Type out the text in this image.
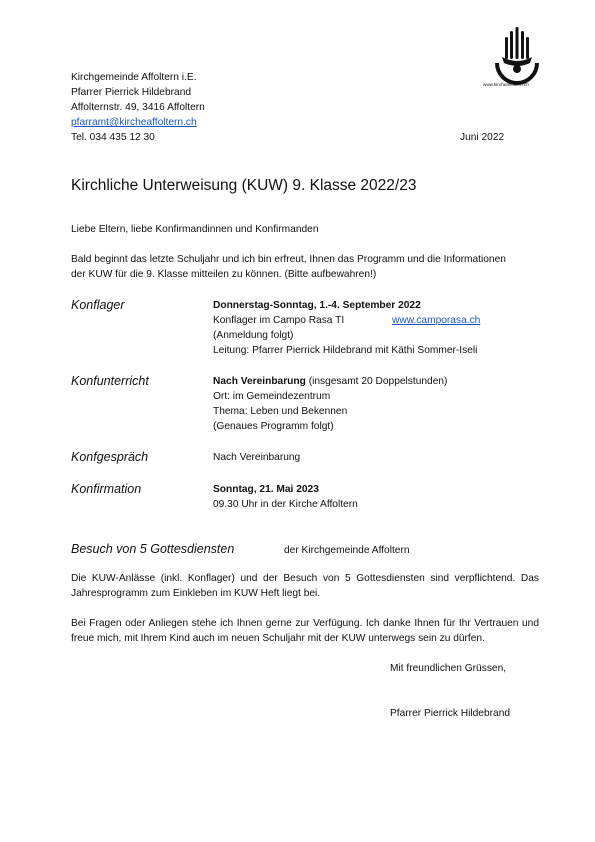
www.kircheaffoltern.ch
Kirchgemeinde Affoltern i.E.
Pfarrer Pierrick Hildebrand
Affolternstr. 49, 3416 Affoltern
pfarramt@kircheaffoltern.ch
Tel. 034 435 12 30	Juni 2022
Kirchliche Unterweisung (KUW) 9. Klasse 2022/23
Liebe Eltern, liebe Konfirmandinnen und Konfirmanden
Bald beginnt das letzte Schuljahr und ich bin erfreut, Ihnen das Programm und die Informationen
der KUW für die 9. Klasse mitteilen zu können. (Bitte aufbewahren!)
Konflager	Donnerstag-Sonntag, 1.-4. September 2022
Konflager im Campo Rasa TI	www.camporasa.ch
(Anmeldung folgt)
Leitung: Pfarrer Pierrick Hildebrand mit Käthi Sommer-Iseli
Konfunterricht	Nach Vereinbarung (insgesamt 20 Doppelstunden)
Ort: im Gemeindezentrum
Thema: Leben und Bekennen
(Genaues Programm folgt)
Konfgespräch	Nach Vereinbarung
Konfirmation	Sonntag, 21. Mai 2023
09.30 Uhr in der Kirche Affoltern
Besuch von 5 Gottesdiensten	der Kirchgemeinde Affoltern
Die KUW-Anlässe (inkl. Konflager) und der Besuch von 5 Gottesdiensten sind verpflichtend. Das Jahresprogramm zum Einkleben im KUW Heft liegt bei.
Bei Fragen oder Anliegen stehe ich Ihnen gerne zur Verfügung. Ich danke Ihnen für Ihr Vertrauen und freue mich, mit Ihrem Kind auch im neuen Schuljahr mit der KUW unterwegs sein zu dürfen.
Mit freundlichen Grüssen,
Pfarrer Pierrick Hildebrand
